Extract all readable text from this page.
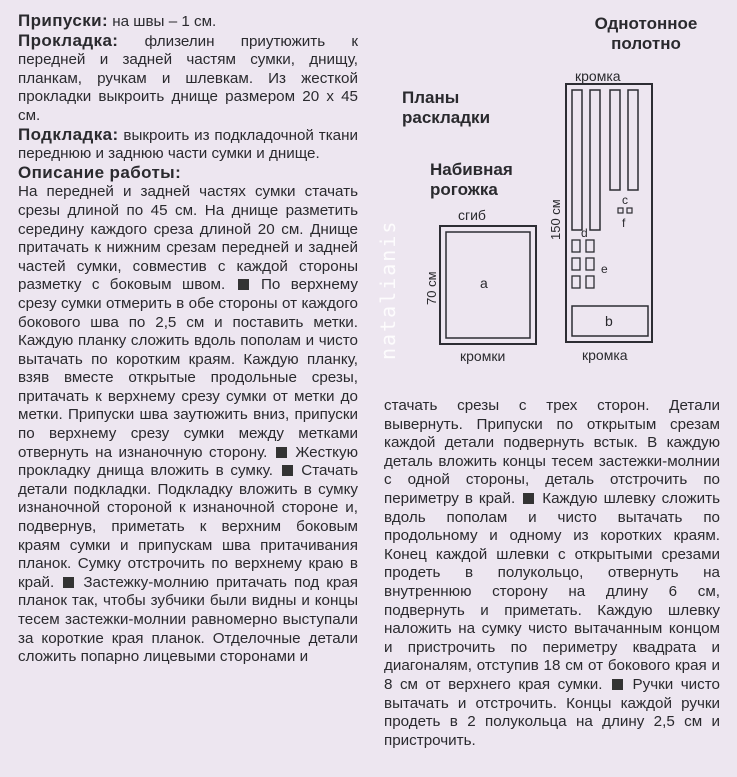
Припуски: на швы – 1 см.

Прокладка: флизелин приутюжить к передней и задней частям сумки, днищу, планкам, ручкам и шлевкам. Из жесткой прокладки выкроить днище размером 20 х 45 см.

Подкладка: выкроить из подкладочной ткани переднюю и заднюю части сумки и днище.

Описание работы:

На передней и задней частях сумки стачать срезы длиной по 45 см. На днище разметить середину каждого среза длиной 20 см. Днище притачать к нижним срезам передней и задней частей сумки, совместив с каждой стороны разметку с боковым швом.  По верхнему срезу сумки отмерить в обе стороны от каждого бокового шва по 2,5 см и поставить метки. Каждую планку сложить вдоль пополам и чисто вытачать по коротким краям. Каждую планку, взяв вместе открытые продольные срезы, притачать к верхнему срезу сумки от метки до метки. Припуски шва заутюжить вниз, припуски по верхнему срезу сумки между метками отвернуть на изнаночную сторону.  Жесткую прокладку днища вложить в сумку.  Стачать детали подкладки. Подкладку вложить в сумку изнаночной стороной к изнаночной стороне и, подвернув, приметать к верхним боковым краям сумки и припускам шва притачивания планок. Сумку отстрочить по верхнему краю в край.  Застежку-молнию притачать под края планок так, чтобы зубчики были видны и концы тесем застежки-молнии равномерно выступали за короткие края планок. Отделочные детали сложить попарно лицевыми сторонами и

стачать срезы с трех сторон. Детали вывернуть. Припуски по открытым срезам каждой детали подвернуть встык. В каждую деталь вложить концы тесем застежки-молнии с одной стороны, деталь отстрочить по периметру в край.  Каждую шлевку сложить вдоль пополам и чисто вытачать по продольному и одному из коротких краям. Конец каждой шлевки с открытыми срезами продеть в полукольцо, отвернуть на внутреннюю сторону на длину 6 см, подвернуть и приметать. Каждую шлевку наложить на сумку чисто вытачанным концом и пристрочить по периметру квадрата и диагоналям, отступив 18 см от бокового края и 8 см от верхнего края сумки.  Ручки чисто вытачать и отстрочить. Концы каждой ручки продеть в 2 полукольца на длину 2,5 см и пристрочить.

Однотонное полотно
Планы раскладки
Набивная рогожка
сгиб
кромка
кромки	кромка
70 см
150 см
a
b
c
d
e
f
natalianis
